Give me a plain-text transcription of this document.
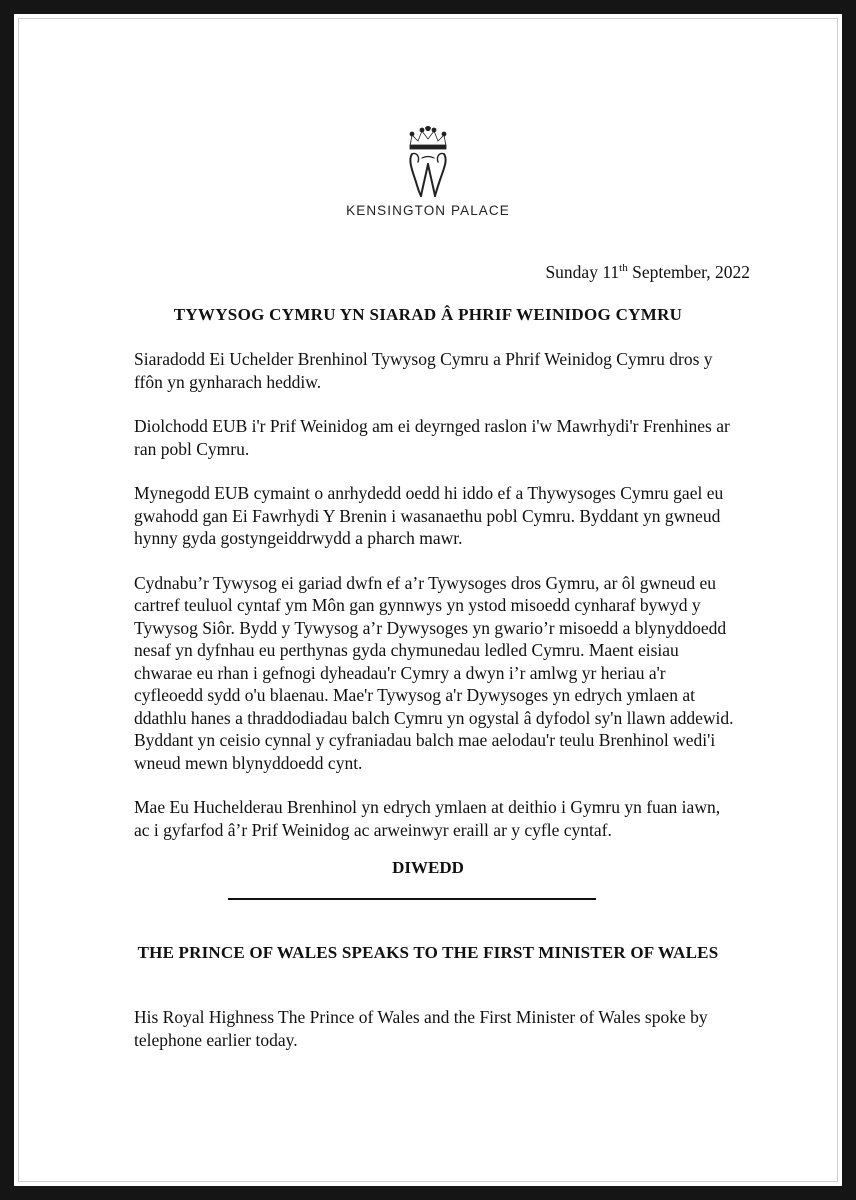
KENSINGTON PALACE
Sunday 11th September, 2022
TYWYSOG CYMRU YN SIARAD Â PHRIF WEINIDOG CYMRU

Siaradodd Ei Uchelder Brenhinol Tywysog Cymru a Phrif Weinidog Cymru dros y ffôn yn gynharach heddiw.

Diolchodd EUB i'r Prif Weinidog am ei deyrnged raslon i'w Mawrhydi'r Frenhines ar ran pobl Cymru.

Mynegodd EUB cymaint o anrhydedd oedd hi iddo ef a Thywysoges Cymru gael eu gwahodd gan Ei Fawrhydi Y Brenin i wasanaethu pobl Cymru. Byddant yn gwneud hynny gyda gostyngeiddrwydd a pharch mawr.

Cydnabu’r Tywysog ei gariad dwfn ef a’r Tywysoges dros Gymru, ar ôl gwneud eu cartref teuluol cyntaf ym Môn gan gynnwys yn ystod misoedd cynharaf bywyd y Tywysog Siôr. Bydd y Tywysog a’r Dywysoges yn gwario’r misoedd a blynyddoedd nesaf yn dyfnhau eu perthynas gyda chymunedau ledled Cymru. Maent eisiau chwarae eu rhan i gefnogi dyheadau'r Cymry a dwyn i’r amlwg yr heriau a'r cyfleoedd sydd o'u blaenau. Mae'r Tywysog a'r Dywysoges yn edrych ymlaen at ddathlu hanes a thraddodiadau balch Cymru yn ogystal â dyfodol sy'n llawn addewid. Byddant yn ceisio cynnal y cyfraniadau balch mae aelodau'r teulu Brenhinol wedi'i wneud mewn blynyddoedd cynt.

Mae Eu Huchelderau Brenhinol yn edrych ymlaen at deithio i Gymru yn fuan iawn, ac i gyfarfod â’r Prif Weinidog ac arweinwyr eraill ar y cyfle cyntaf.

DIWEDD
THE PRINCE OF WALES SPEAKS TO THE FIRST MINISTER OF WALES

His Royal Highness The Prince of Wales and the First Minister of Wales spoke by telephone earlier today.
